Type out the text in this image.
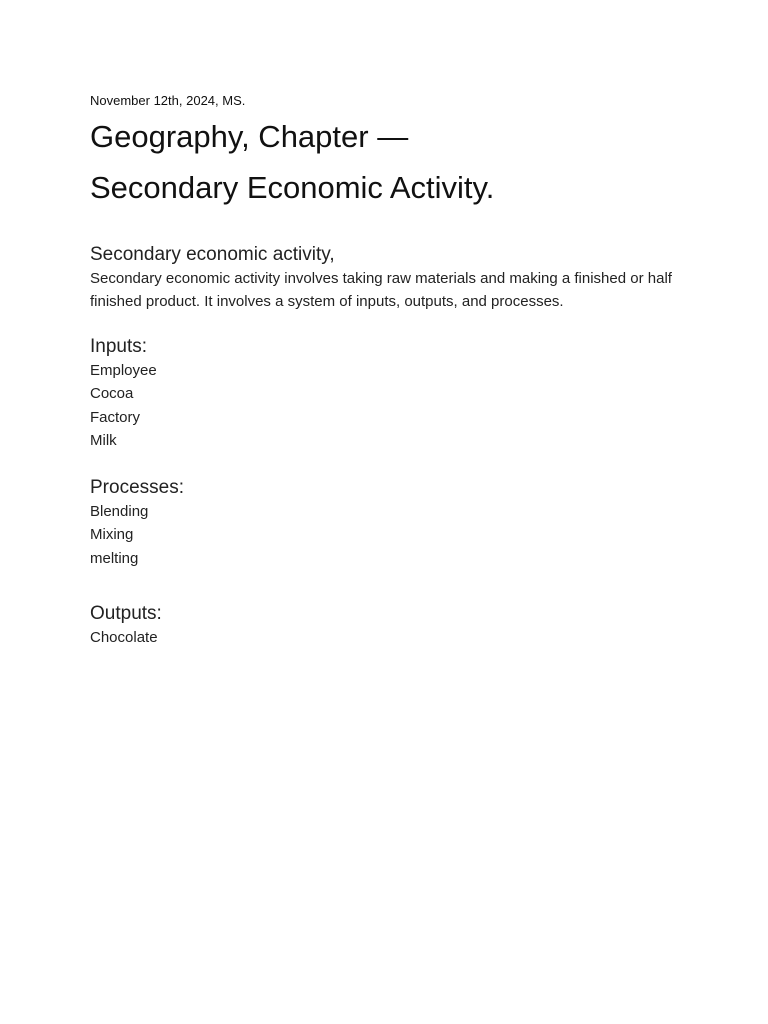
November 12th, 2024, MS.

Geography, Chapter —
Secondary Economic Activity.
Secondary economic activity,

Secondary economic activity involves taking raw materials and making a finished or half finished product. It involves a system of inputs, outputs, and processes.

Inputs:
Employee
Cocoa
Factory
Milk
Processes:
Blending
Mixing
melting
Outputs:
Chocolate
